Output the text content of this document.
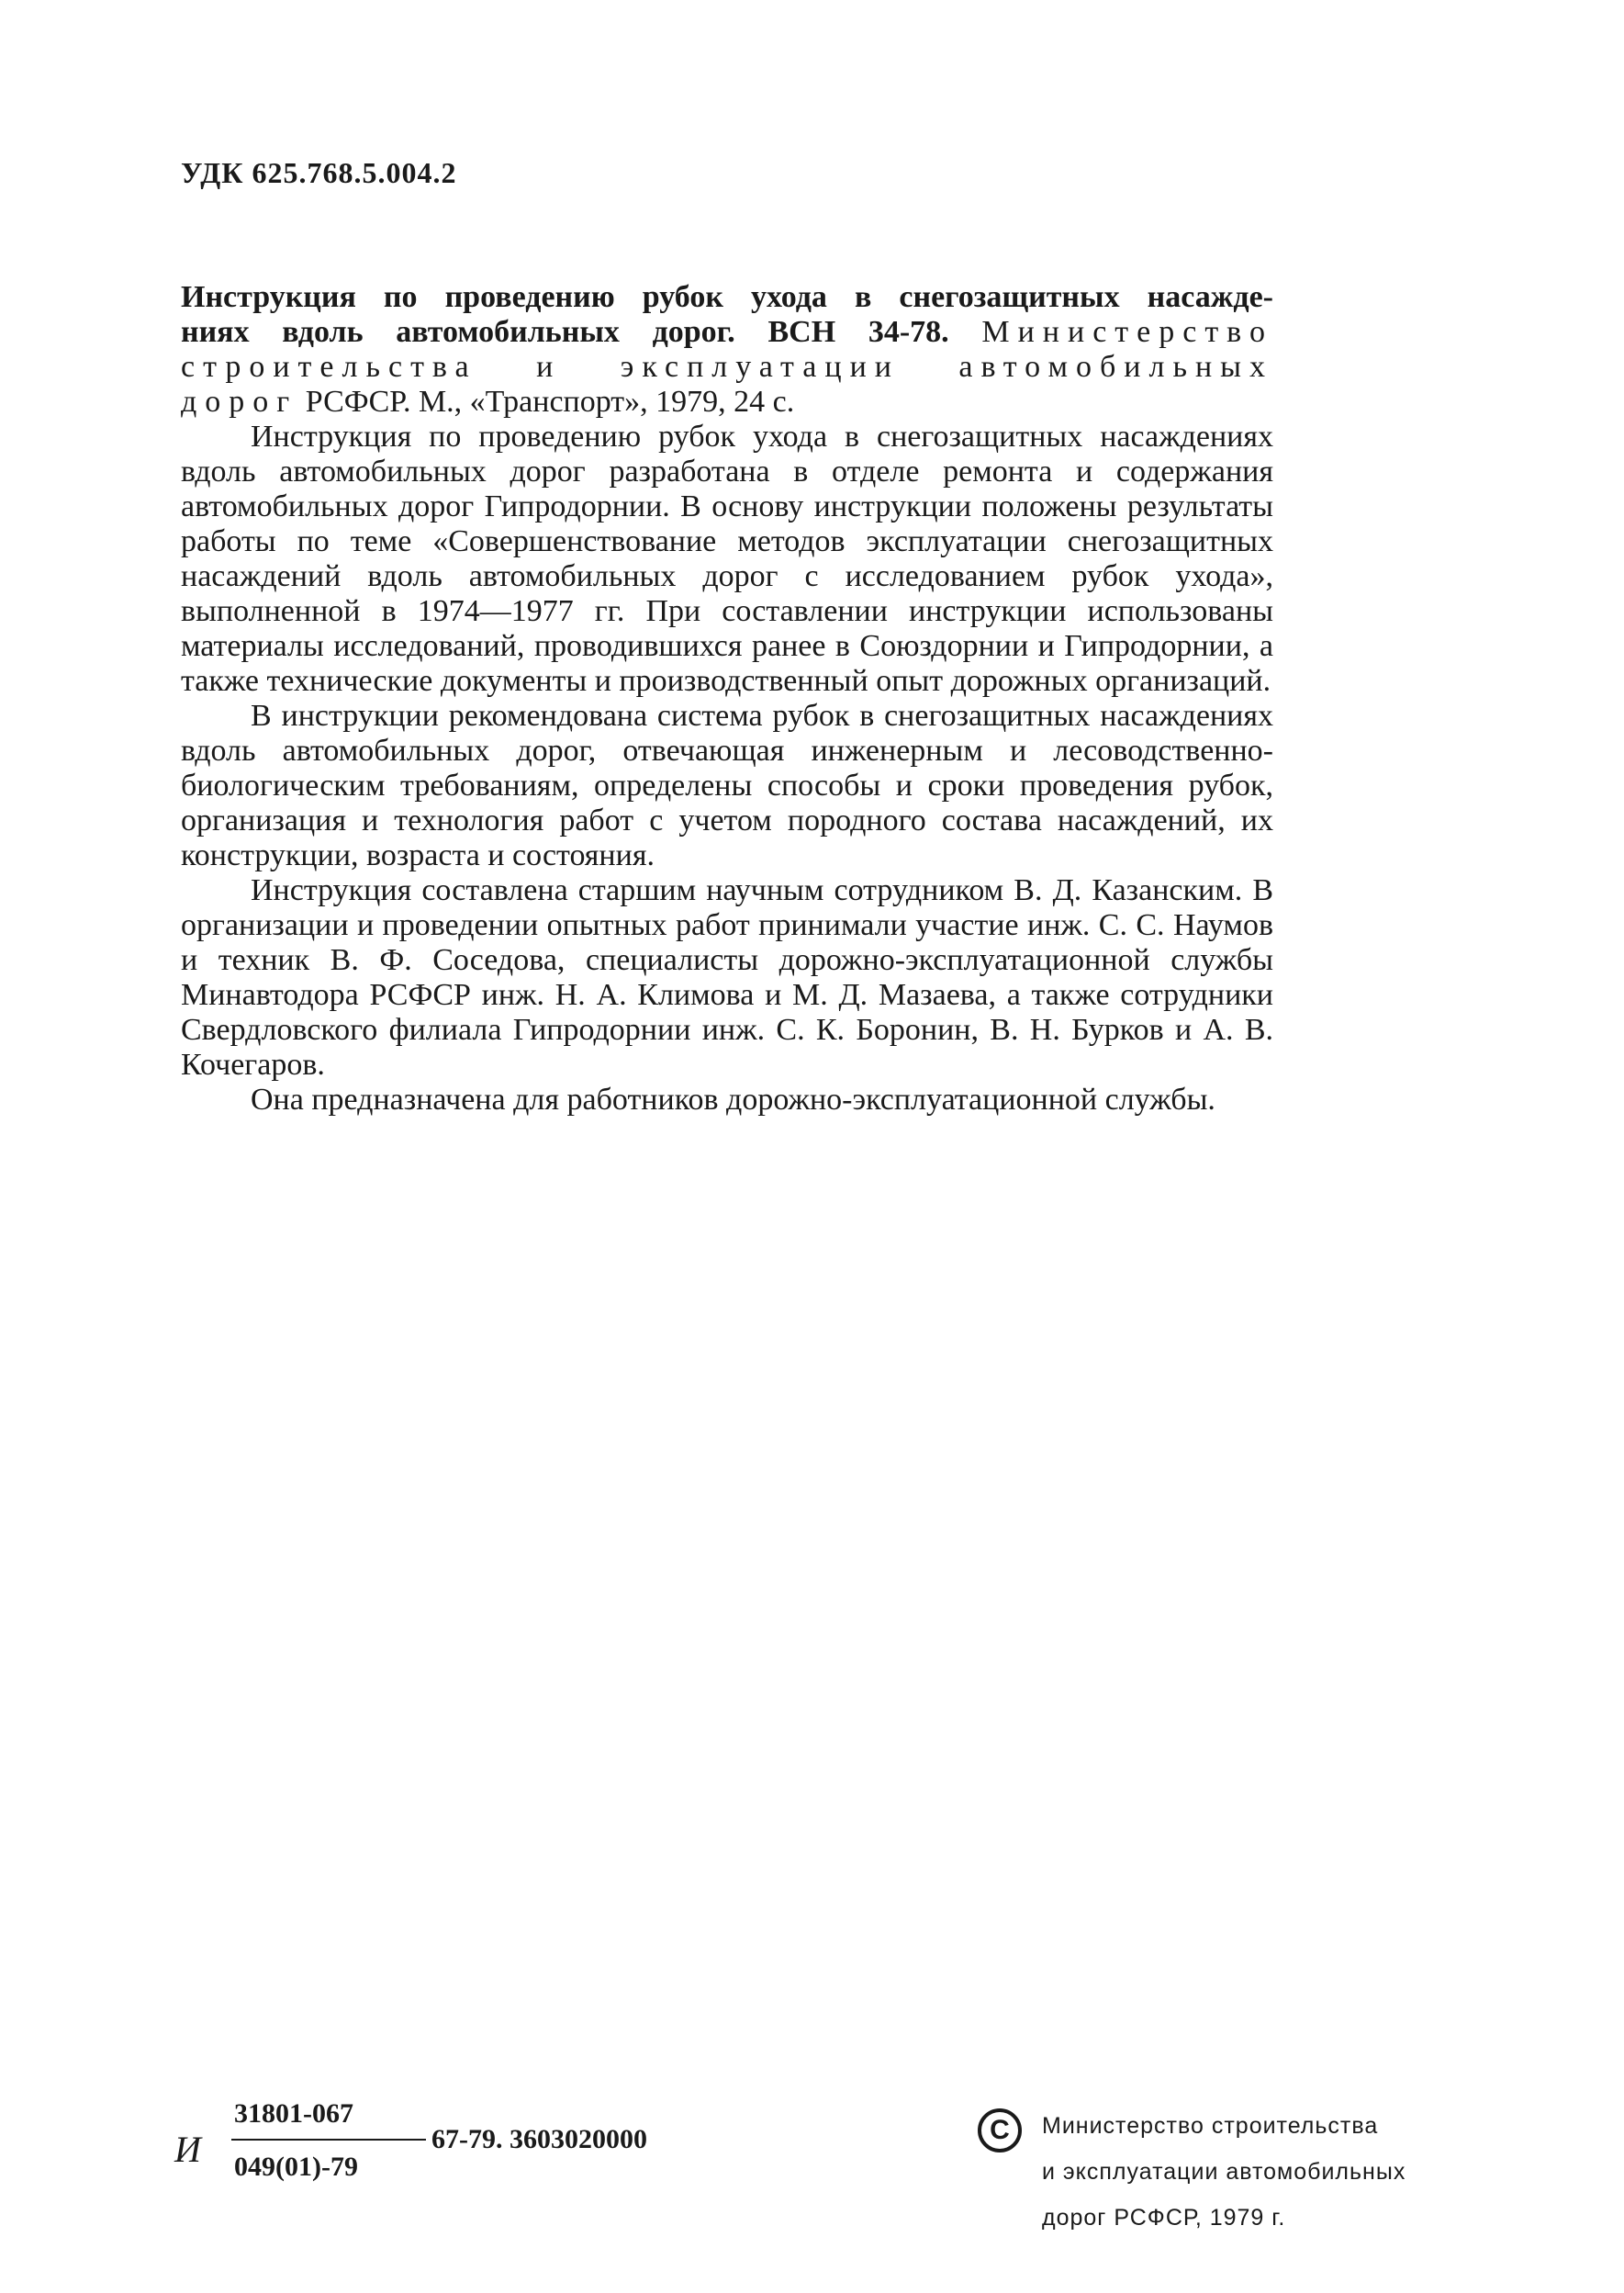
УДК 625.768.5.004.2

Инструкция по проведению рубок ухода в снегозащитных насажде-

ниях вдоль автомобильных дорог. ВСН 34-78. Министерство

строительства и эксплуатации автомобильных

дорог РСФСР. М., «Транспорт», 1979, 24 с.

Инструкция по проведению рубок ухода в снегозащитных насаждениях вдоль автомобильных дорог разработана в отделе ремонта и содержания автомобильных дорог Гипродорнии. В основу инструкции положены результаты работы по теме «Совершенствование методов эксплуатации снегозащитных насаждений вдоль автомобильных дорог с исследованием рубок ухода», выполненной в 1974—1977 гг. При составлении инструкции использованы материалы исследований, проводившихся ранее в Союздорнии и Гипродорнии, а также технические документы и производственный опыт дорожных организаций.

В инструкции рекомендована система рубок в снегозащитных насаждениях вдоль автомобильных дорог, отвечающая инженерным и лесоводственно-биологическим требованиям, определены способы и сроки проведения рубок, организация и технология работ с учетом породного состава насаждений, их конструкции, возраста и состояния.

Инструкция составлена старшим научным сотрудником В. Д. Казанским. В организации и проведении опытных работ принимали участие инж. С. С. Наумов и техник В. Ф. Соседова, специалисты дорожно-эксплуатационной службы Минавтодора РСФСР инж. Н. А. Климова и М. Д. Мазаева, а также сотрудники Свердловского филиала Гипродорнии инж. С. К. Боронин, В. Н. Бурков и А. В. Кочегаров.

Она предназначена для работников дорожно-эксплуатационной службы.

И
31801-067
049(01)-79
67-79. 3603020000	C	Министерство строительства
и эксплуатации автомобильных
дорог РСФСР, 1979 г.
